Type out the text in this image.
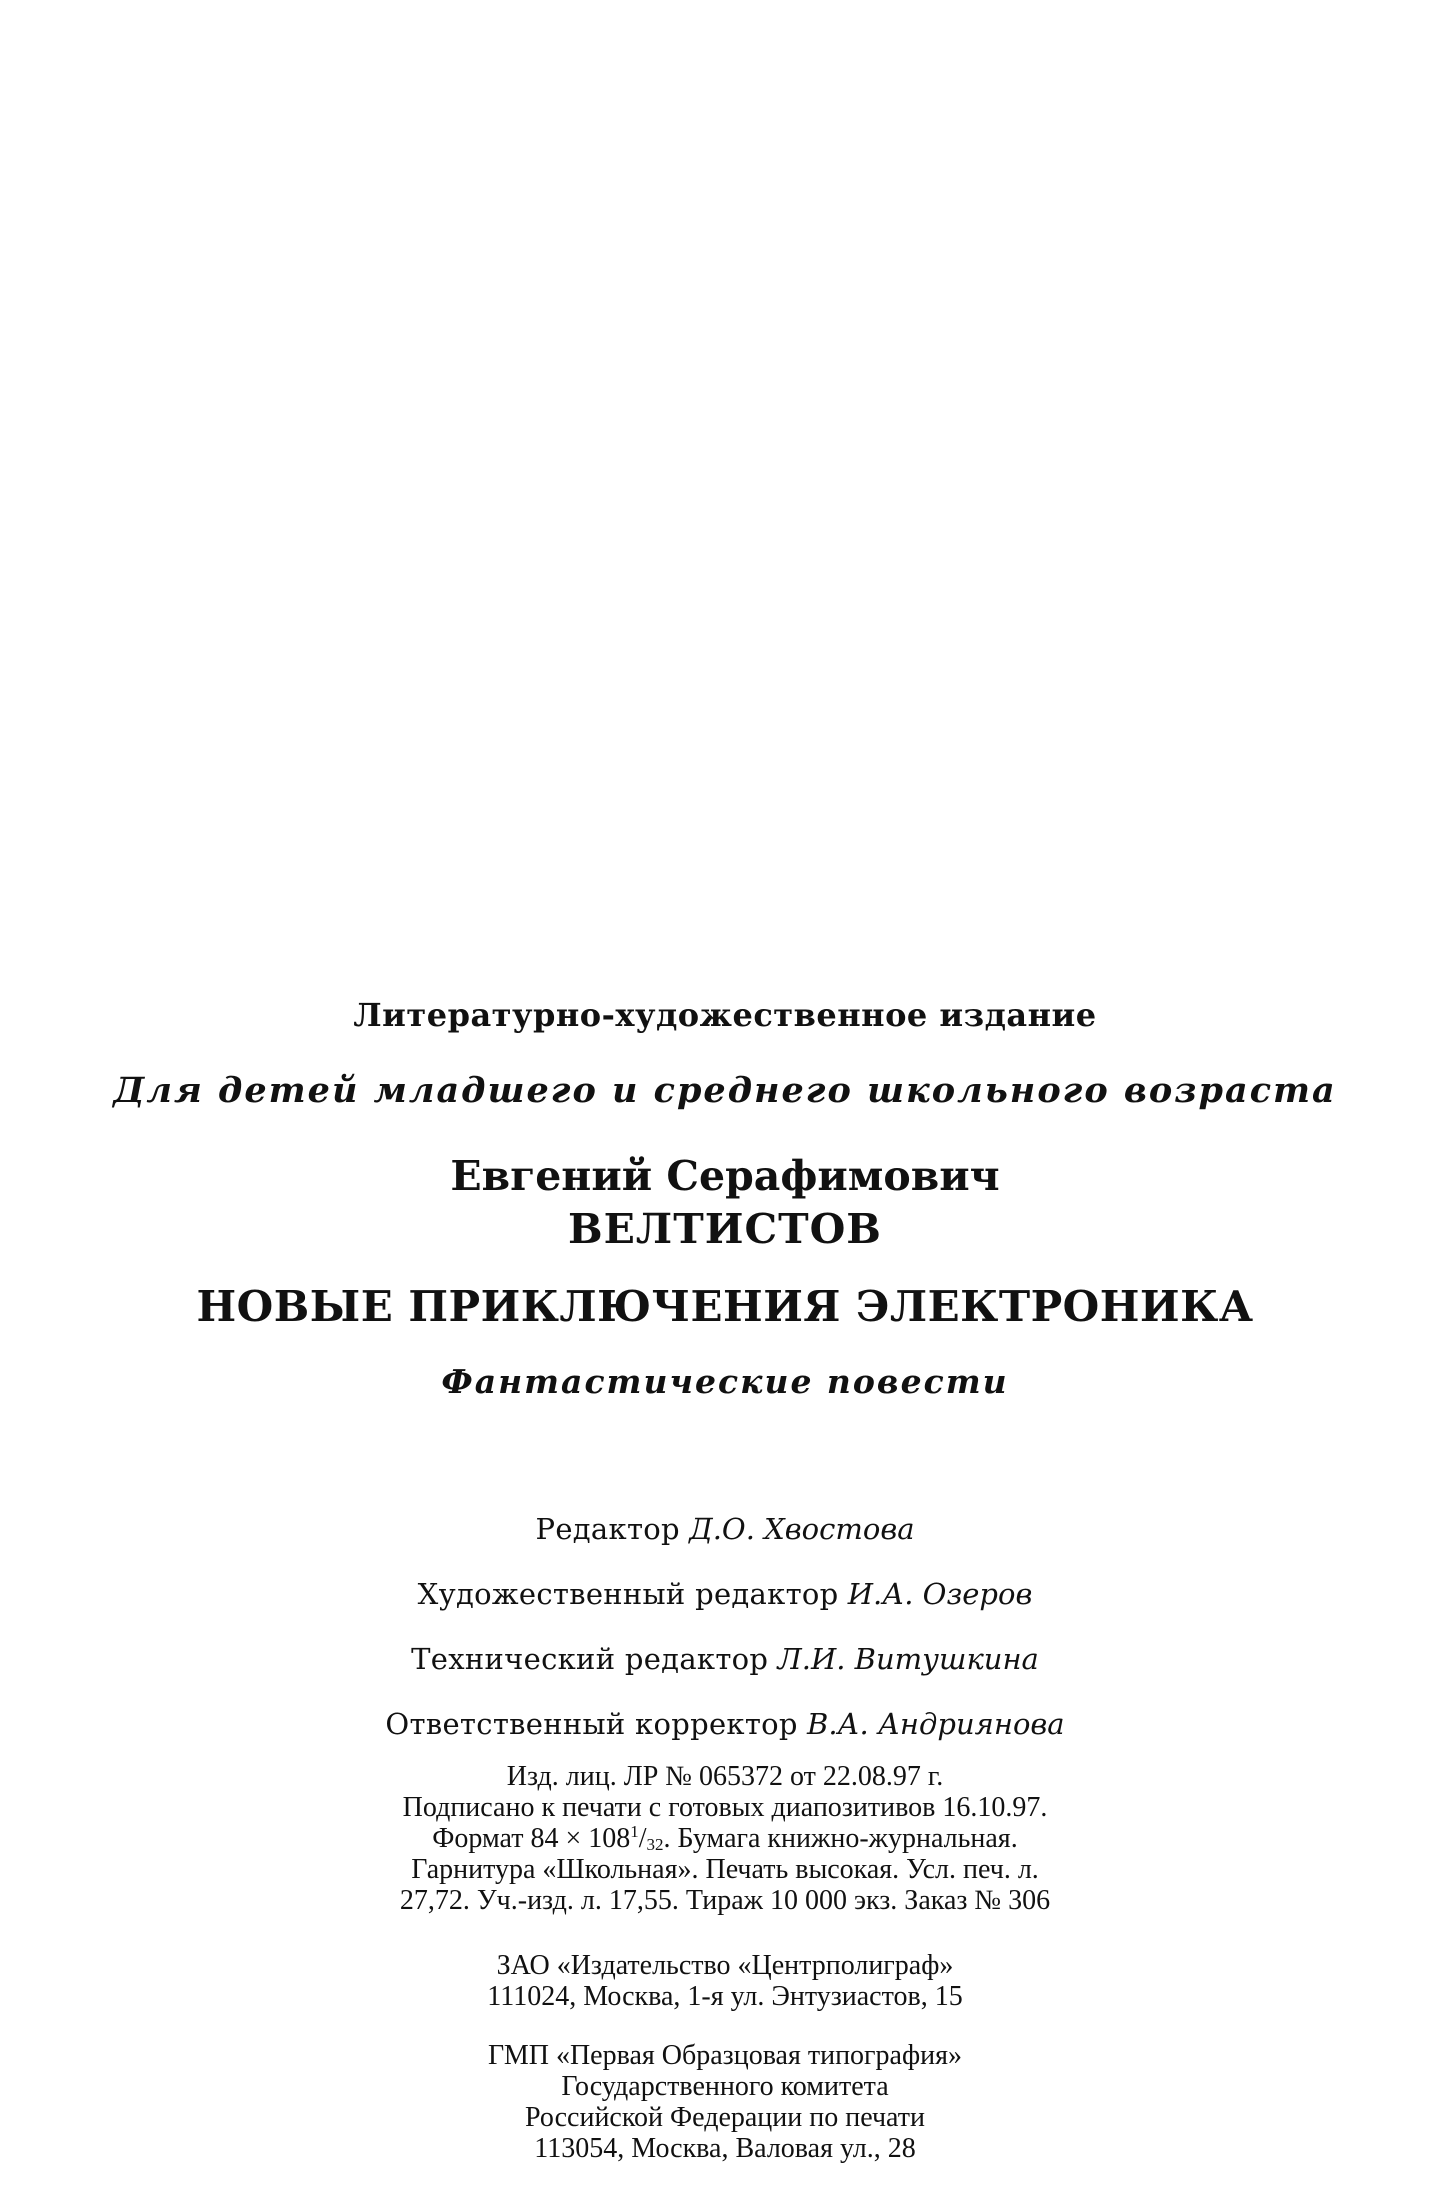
Литературно-художественное издание
Для детей младшего и среднего школьного возраста
Евгений Серафимович
ВЕЛТИСТОВ
НОВЫЕ ПРИКЛЮЧЕНИЯ ЭЛЕКТРОНИКА
Фантастические повести
Редактор Д.О. Хвостова
Художественный редактор И.А. Озеров
Технический редактор Л.И. Витушкина
Ответственный корректор В.А. Андриянова
Изд. лиц. ЛР № 065372 от 22.08.97 г.
Подписано к печати с готовых диапозитивов 16.10.97.
Формат $84 \times 108^1/32$. Бумага книжно-журнальная.
Гарнитура «Школьная». Печать высокая. Усл. печ. л.
27,72. Уч.-изд. л. 17,55. Тираж 10 000 экз. Заказ № 306
ЗАО «Издательство «Центрполиграф»
111024, Москва, 1-я ул. Энтузиастов, 15
ГМП «Первая Образцовая типография»
Государственного комитета
Российской Федерации по печати
113054, Москва, Валовая ул., 28
